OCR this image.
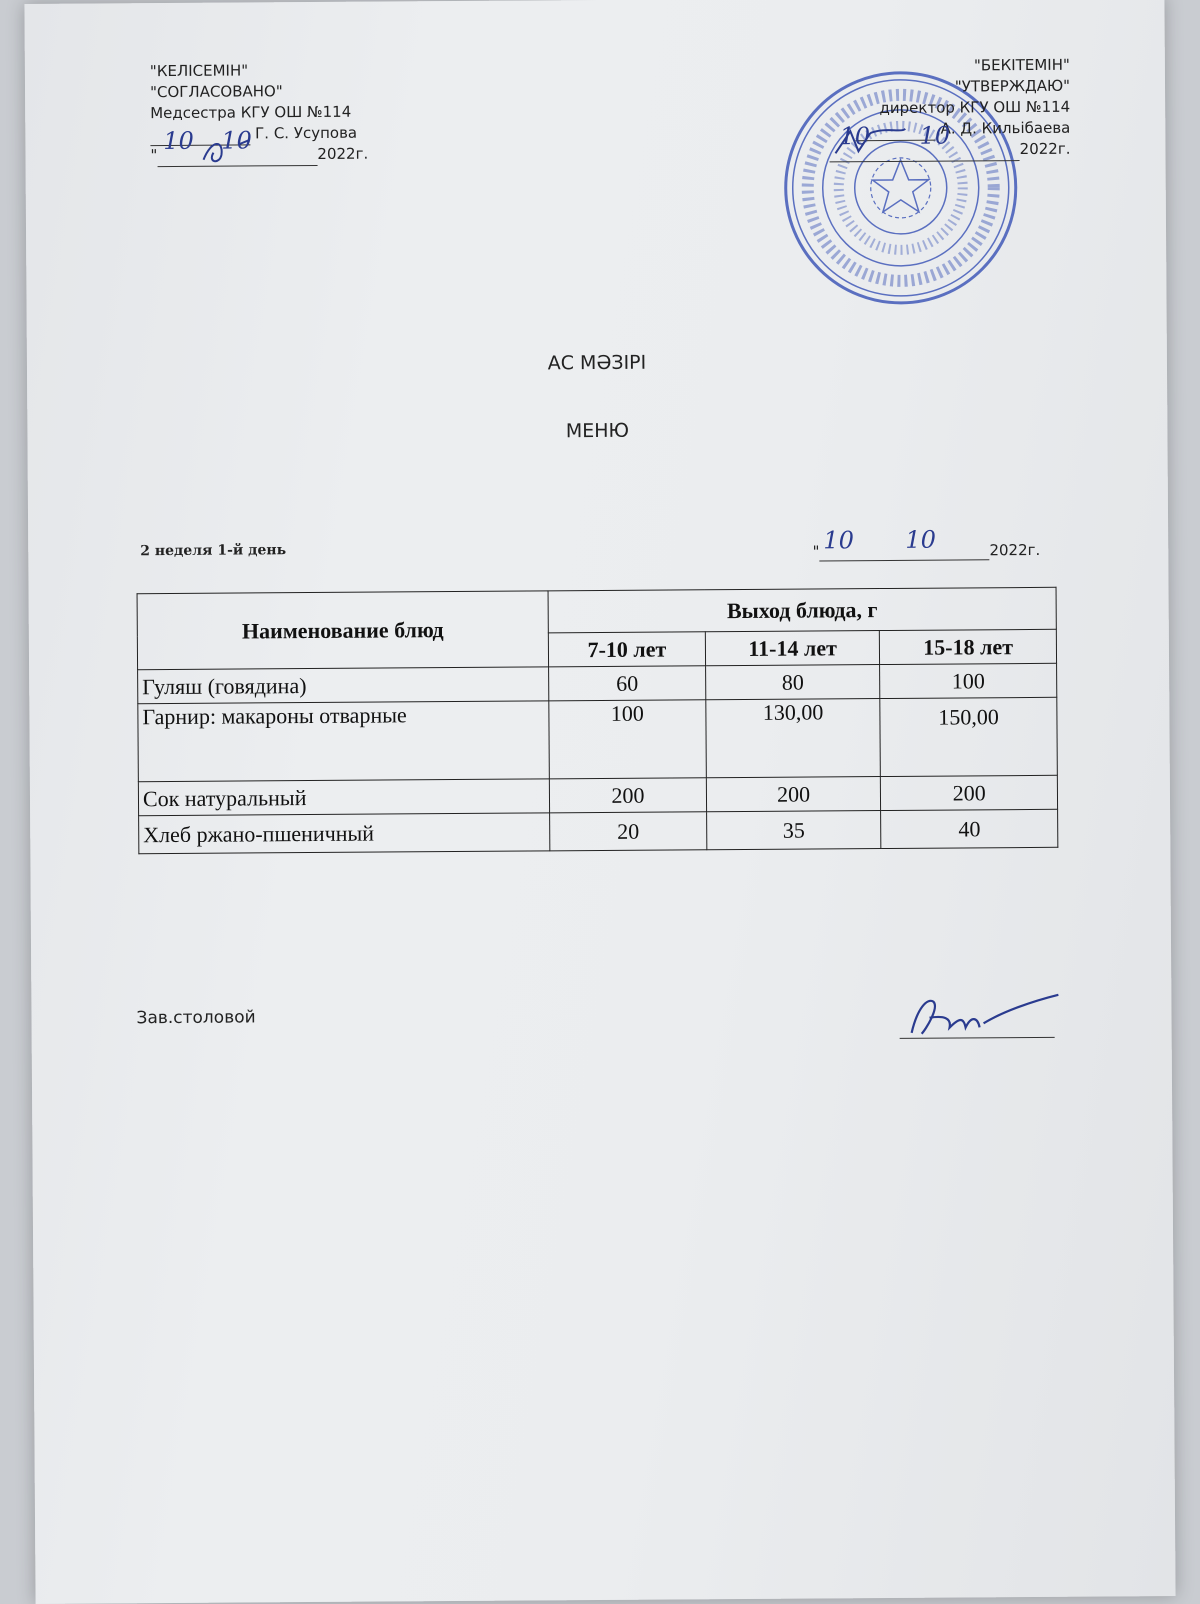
"КЕЛІСЕМІН"
"СОГЛАСОВАНО"
Медсестра КГУ ОШ №114
Г. С. Усупова
"
10 10	2022г.
"БЕКІТЕМІН"
"УТВЕРЖДАЮ"
директор КГУ ОШ №114
А. Д. Кильібаева
10 10	2022г.
АС МӘЗІРІ
МЕНЮ
2 неделя 1-й день	" 10 10	2022г.
Наименование блюд	Выход блюда, г		
	7-10 лет	11-14 лет	15-18 лет
Гуляш (говядина)	60	80	100
Гарнир: макароны отварные	100	130,00	150,00
Сок натуральный	200	200	200
Хлеб ржано-пшеничный	20	35	40
Зав.столовой
